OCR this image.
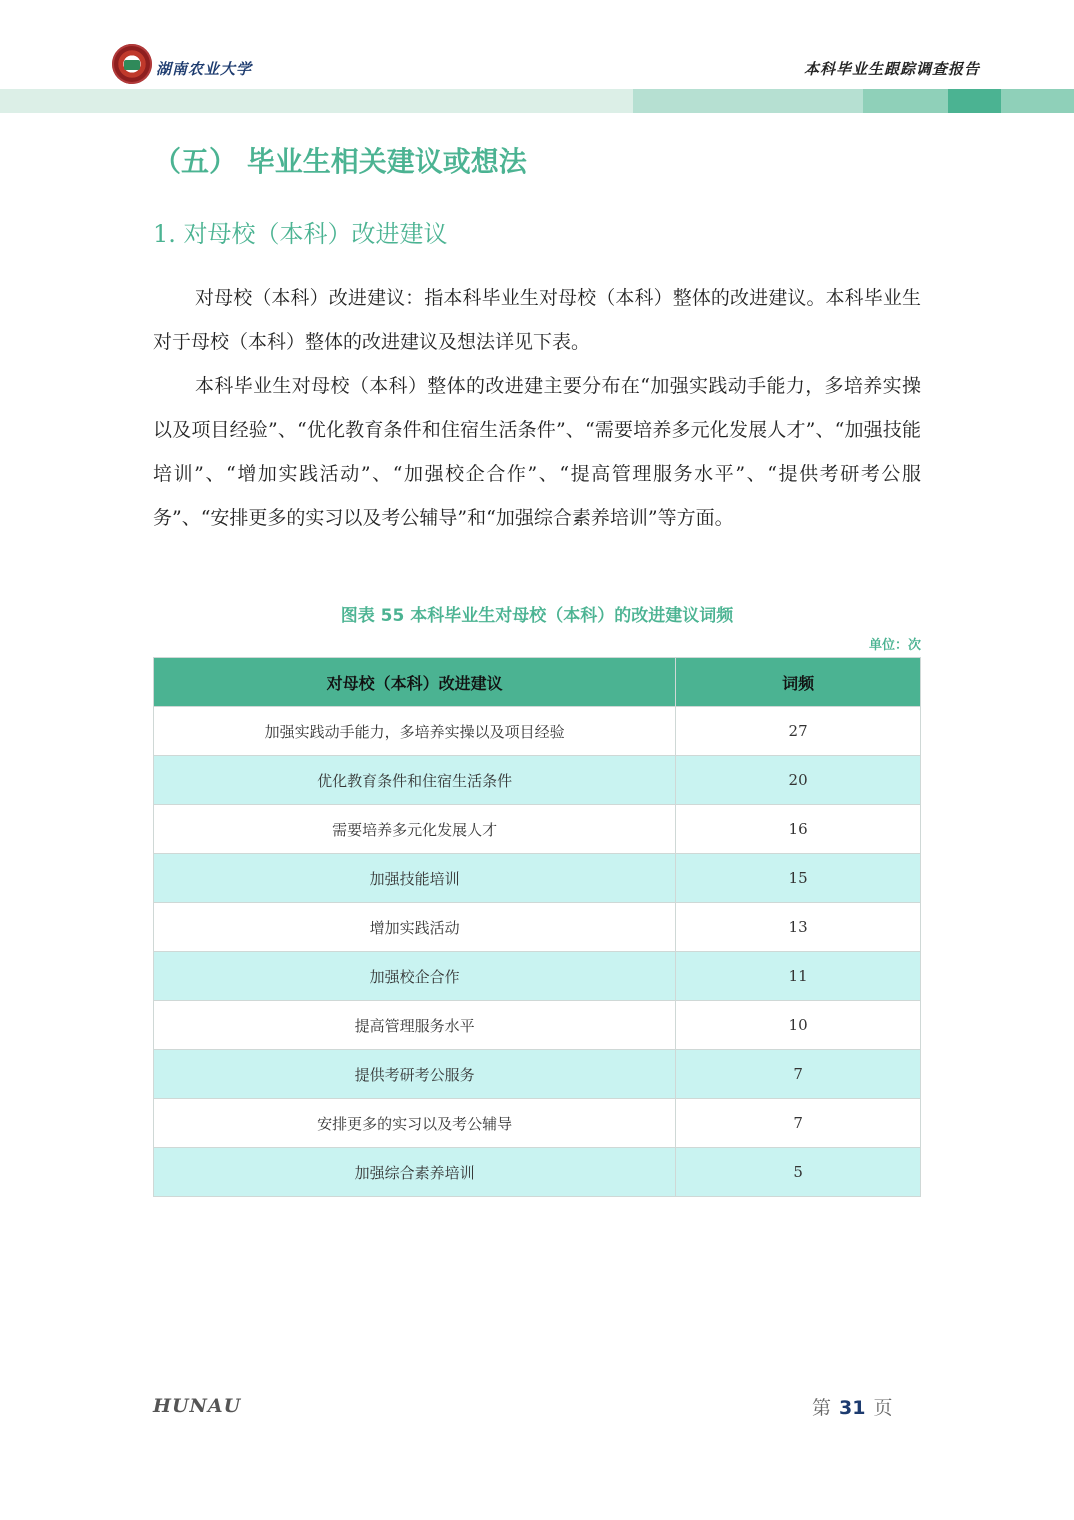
湖南农业大学	本科毕业生跟踪调查报告
（五） 毕业生相关建议或想法
1. 对母校（本科）改进建议

对母校（本科）改进建议：指本科毕业生对母校（本科）整体的改进建议。本科毕业生对于母校（本科）整体的改进建议及想法详见下表。

本科毕业生对母校（本科）整体的改进建主要分布在“加强实践动手能力，多培养实操以及项目经验”、“优化教育条件和住宿生活条件”、“需要培养多元化发展人才”、“加强技能培训”、“增加实践活动”、“加强校企合作”、“提高管理服务水平”、“提供考研考公服务”、“安排更多的实习以及考公辅导”和“加强综合素养培训”等方面。

图表 55 本科毕业生对母校（本科）的改进建议词频
单位：次
对母校（本科）改进建议	词频
加强实践动手能力，多培养实操以及项目经验	27
优化教育条件和住宿生活条件	20
需要培养多元化发展人才	16
加强技能培训	15
增加实践活动	13
加强校企合作	11
提高管理服务水平	10
提供考研考公服务	7
安排更多的实习以及考公辅导	7
加强综合素养培训	5
HUNAU	第 31 页
